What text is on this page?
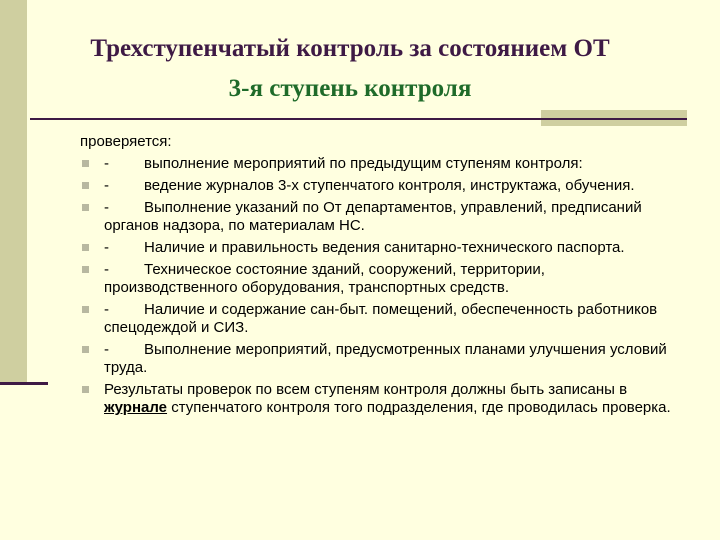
Трехступенчатый контроль за состоянием ОТ
3-я ступень контроля

проверяется:

- выполнение мероприятий по предыдущим ступеням контроля:
- ведение журналов 3-х ступенчатого контроля, инструктажа, обучения.
- Выполнение указаний по От департаментов, управлений, предписаний органов надзора, по материалам НС.
- Наличие и правильность ведения санитарно-технического паспорта.
- Техническое состояние зданий, сооружений, территории, производственного оборудования, транспортных средств.
- Наличие и содержание сан-быт. помещений, обеспеченность работников спецодеждой и СИЗ.
- Выполнение мероприятий, предусмотренных планами улучшения условий труда.
Результаты проверок по всем ступеням контроля должны быть записаны в журнале ступенчатого контроля того подразделения, где проводилась проверка.
